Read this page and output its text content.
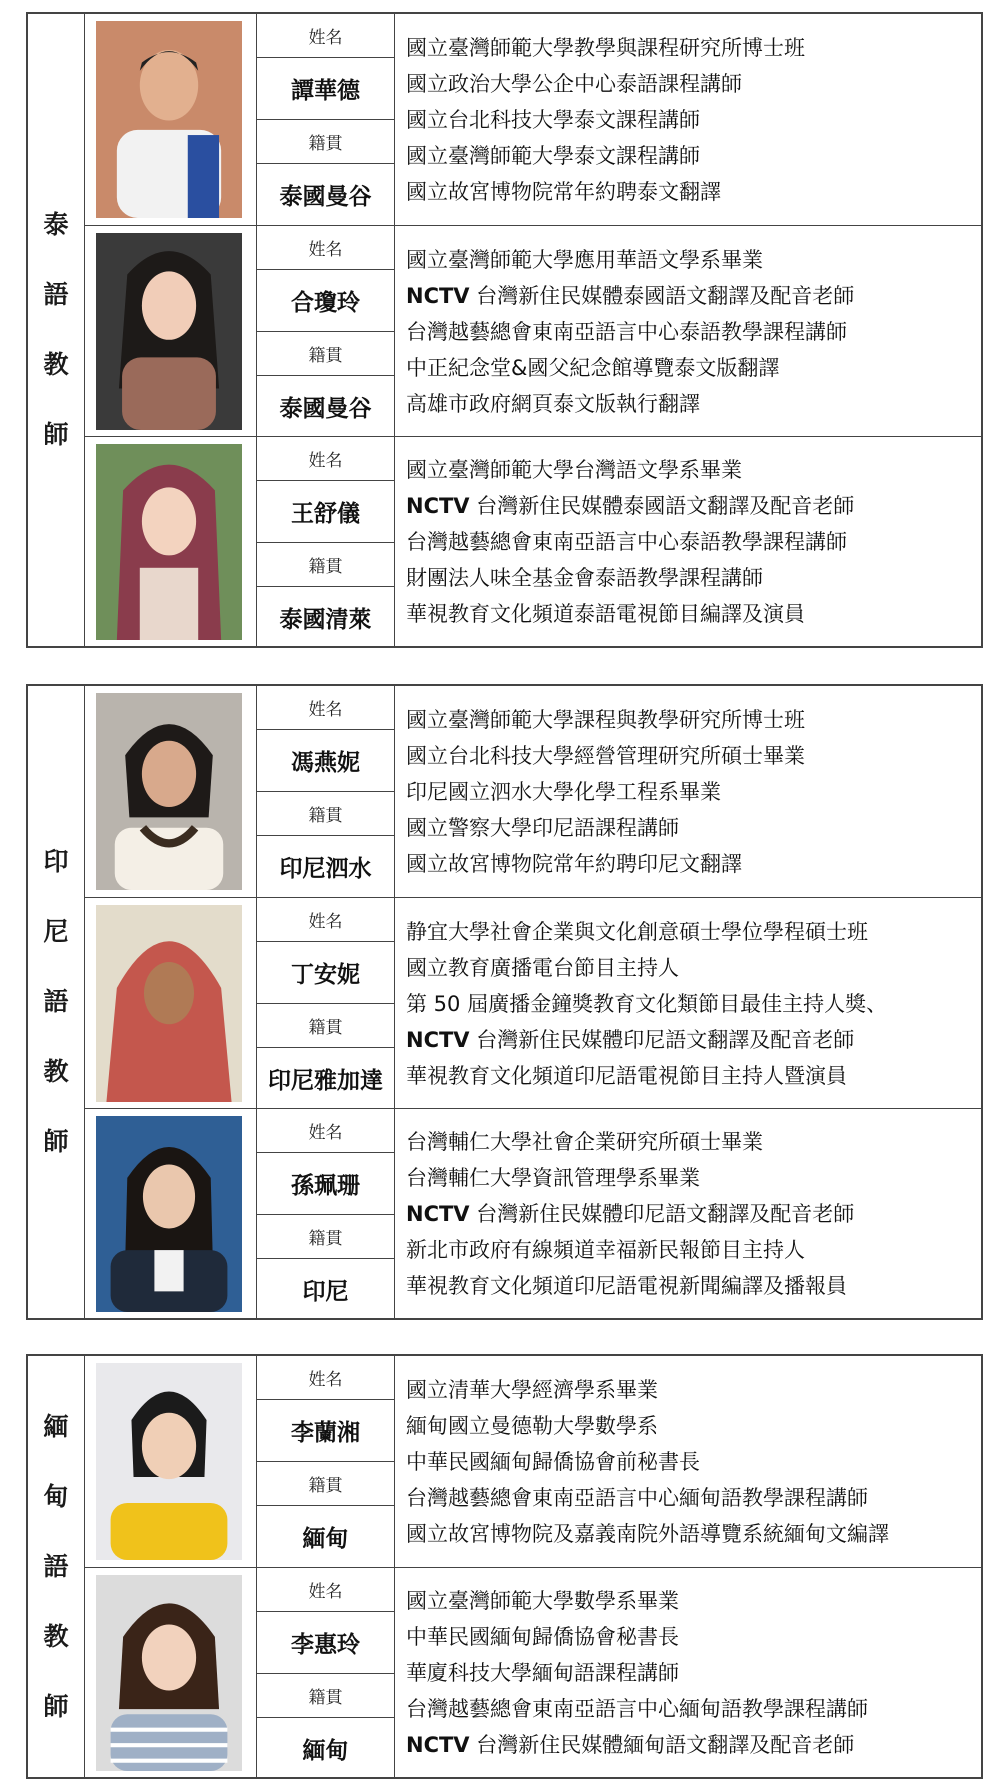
泰
語
教
師
姓名
譚華德
籍貫
泰國曼谷
國立臺灣師範大學教學與課程研究所博士班
國立政治大學公企中心泰語課程講師
國立台北科技大學泰文課程講師
國立臺灣師範大學泰文課程講師
國立故宮博物院常年約聘泰文翻譯
姓名
合瓊玲
籍貫
泰國曼谷
國立臺灣師範大學應用華語文學系畢業
NCTV 台灣新住民媒體泰國語文翻譯及配音老師
台灣越藝總會東南亞語言中心泰語教學課程講師
中正紀念堂&國父紀念館導覽泰文版翻譯
高雄市政府網頁泰文版執行翻譯
姓名
王舒儀
籍貫
泰國清萊
國立臺灣師範大學台灣語文學系畢業
NCTV 台灣新住民媒體泰國語文翻譯及配音老師
台灣越藝總會東南亞語言中心泰語教學課程講師
財團法人味全基金會泰語教學課程講師
華視教育文化頻道泰語電視節目編譯及演員
印
尼
語
教
師
姓名
馮燕妮
籍貫
印尼泗水
國立臺灣師範大學課程與教學研究所博士班
國立台北科技大學經營管理研究所碩士畢業
印尼國立泗水大學化學工程系畢業
國立警察大學印尼語課程講師
國立故宮博物院常年約聘印尼文翻譯
姓名
丁安妮
籍貫
印尼雅加達
静宜大學社會企業與文化創意碩士學位學程碩士班
國立教育廣播電台節目主持人
第 50 屆廣播金鐘獎教育文化類節目最佳主持人獎、
NCTV 台灣新住民媒體印尼語文翻譯及配音老師
華視教育文化頻道印尼語電視節目主持人暨演員
姓名
孫珮珊
籍貫
印尼
台灣輔仁大學社會企業研究所碩士畢業
台灣輔仁大學資訊管理學系畢業
NCTV 台灣新住民媒體印尼語文翻譯及配音老師
新北市政府有線頻道幸福新民報節目主持人
華視教育文化頻道印尼語電視新聞編譯及播報員
緬
甸
語
教
師
姓名
李蘭湘
籍貫
緬甸
國立清華大學經濟學系畢業
緬甸國立曼德勒大學數學系
中華民國緬甸歸僑協會前秘書長
台灣越藝總會東南亞語言中心緬甸語教學課程講師
國立故宮博物院及嘉義南院外語導覽系統緬甸文編譯
姓名
李惠玲
籍貫
緬甸
國立臺灣師範大學數學系畢業
中華民國緬甸歸僑協會秘書長
華廈科技大學緬甸語課程講師
台灣越藝總會東南亞語言中心緬甸語教學課程講師
NCTV 台灣新住民媒體緬甸語文翻譯及配音老師
